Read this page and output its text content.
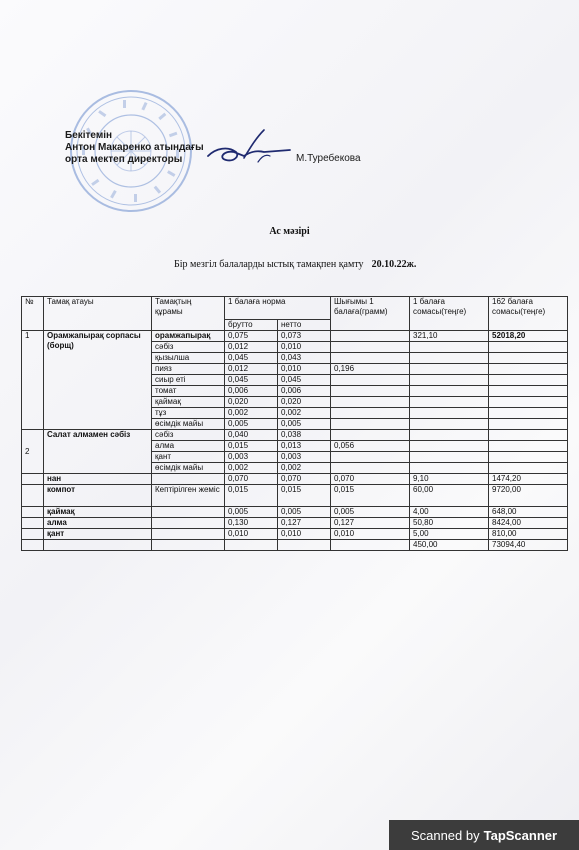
Бекітемін
Антон Макаренко атындағы
орта мектеп директоры	М.Туребекова
Ас мәзірі
Бір мезгіл балаларды ыстық тамақпен қамту 20.10.22ж.
№	Тамақ атауы	Тамақтың құрамы	1 балаға норма		Шығымы 1 балаға(грамм)	1 балаға сомасы(теңге)	162 балаға сомасы(теңге)
			брутто	нетто			
1	Орамжапырақ сорпасы (борщ)	орамжапырақ	0,075	0,073		321,10	52018,20
		сәбіз	0,012	0,010			
		қызылша	0,045	0,043			
		пияз	0,012	0,010	0,196		
		сиыр еті	0,045	0,045			
		томат	0,006	0,006			
		қаймақ	0,020	0,020			
		тұз	0,002	0,002			
		өсімдік майы	0,005	0,005			
2	Салат алмамен сәбіз	сәбіз	0,040	0,038			
		алма	0,015	0,013	0,056		
		қант	0,003	0,003			
		өсімдік майы	0,002	0,002			
	нан		0,070	0,070	0,070	9,10	1474,20
	компот	Кептірілген жеміс	0,015	0,015	0,015	60,00	9720,00
	қаймақ		0,005	0,005	0,005	4,00	648,00
	алма		0,130	0,127	0,127	50,80	8424,00
	қант		0,010	0,010	0,010	5,00	810,00
						450,00	73094,40
Scanned by TapScanner
